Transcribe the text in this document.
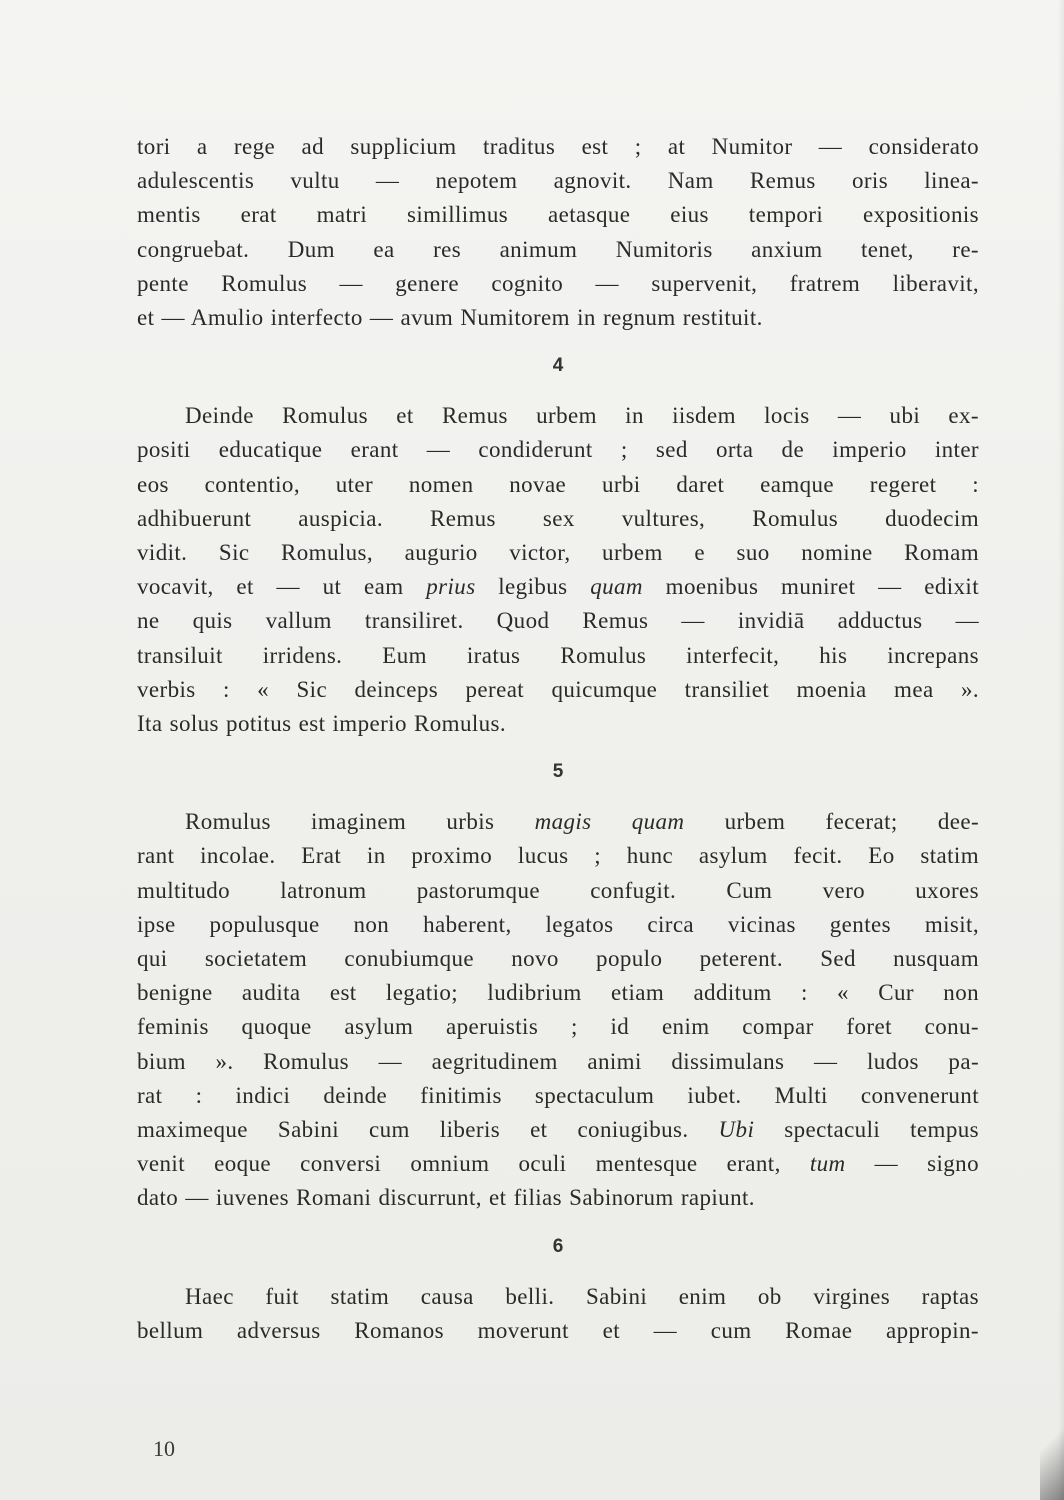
tori a rege ad supplicium traditus est ; at Numitor — considerato
adulescentis vultu — nepotem agnovit. Nam Remus oris linea-
mentis erat matri simillimus aetasque eius tempori expositionis
congruebat. Dum ea res animum Numitoris anxium tenet, re-
pente Romulus — genere cognito — supervenit, fratrem liberavit,
et — Amulio interfecto — avum Numitorem in regnum restituit.

4

Deinde Romulus et Remus urbem in iisdem locis — ubi ex-
positi educatique erant — condiderunt ; sed orta de imperio inter
eos contentio, uter nomen novae urbi daret eamque regeret :
adhibuerunt auspicia. Remus sex vultures, Romulus duodecim
vidit. Sic Romulus, augurio victor, urbem e suo nomine Romam
vocavit, et — ut eam prius legibus quam moenibus muniret — edixit
ne quis vallum transiliret. Quod Remus — invidiā adductus —
transiluit irridens. Eum iratus Romulus interfecit, his increpans
verbis : « Sic deinceps pereat quicumque transiliet moenia mea ».
Ita solus potitus est imperio Romulus.

5

Romulus imaginem urbis magis quam urbem fecerat; dee-
rant incolae. Erat in proximo lucus ; hunc asylum fecit. Eo statim
multitudo latronum pastorumque confugit. Cum vero uxores
ipse populusque non haberent, legatos circa vicinas gentes misit,
qui societatem conubiumque novo populo peterent. Sed nusquam
benigne audita est legatio; ludibrium etiam additum : « Cur non
feminis quoque asylum aperuistis ; id enim compar foret conu-
bium ». Romulus — aegritudinem animi dissimulans — ludos pa-
rat : indici deinde finitimis spectaculum iubet. Multi convenerunt
maximeque Sabini cum liberis et coniugibus. Ubi spectaculi tempus
venit eoque conversi omnium oculi mentesque erant, tum — signo
dato — iuvenes Romani discurrunt, et filias Sabinorum rapiunt.

6

Haec fuit statim causa belli. Sabini enim ob virgines raptas
bellum adversus Romanos moverunt et — cum Romae appropin-

10
